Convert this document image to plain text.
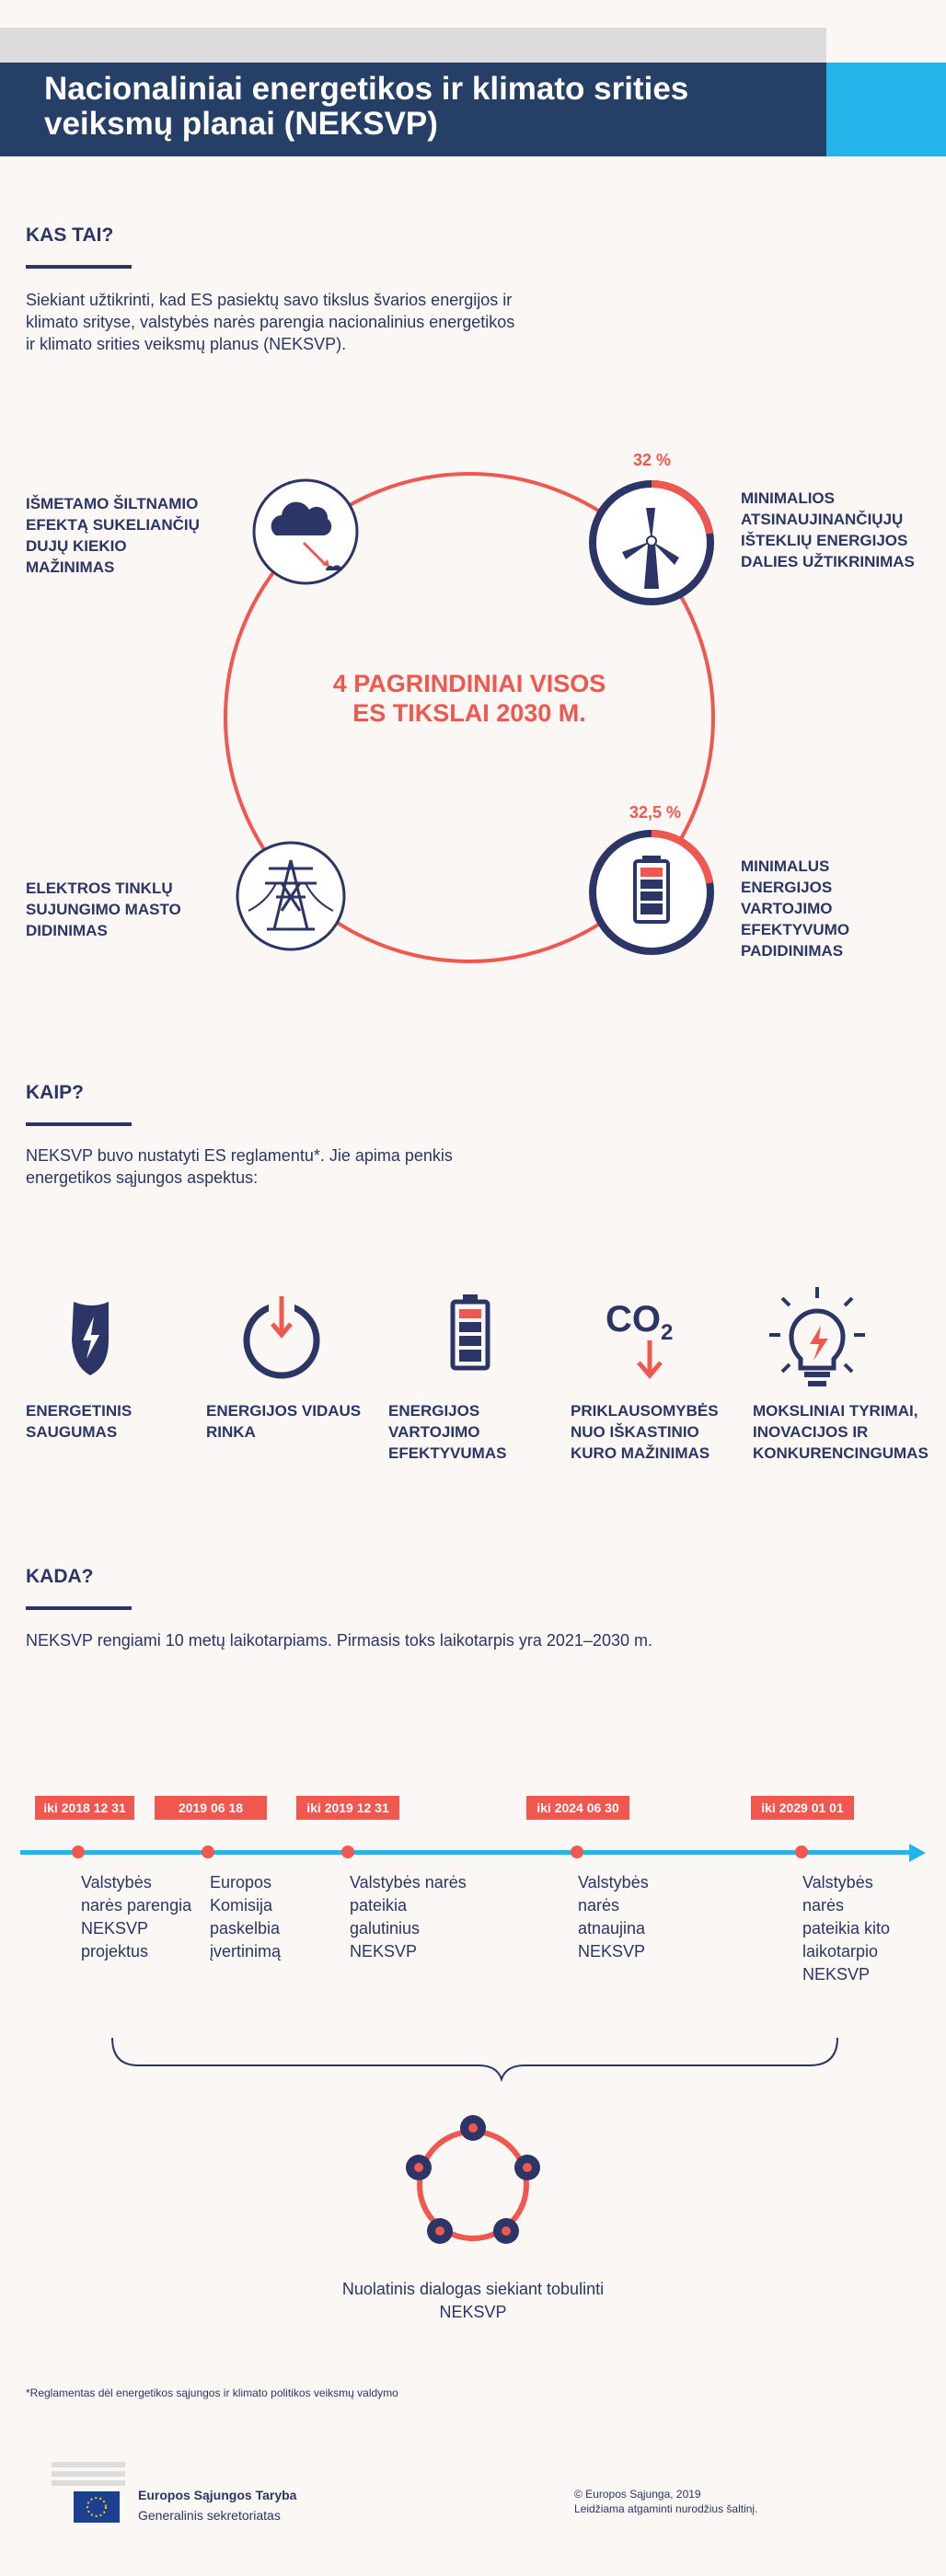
Nacionaliniai energetikos ir klimato srities veiksmų planai (NEKSVP)
KAS TAI?
Siekiant užtikrinti, kad ES pasiektų savo tikslus švarios energijos ir klimato srityse, valstybės narės parengia nacionalinius energetikos ir klimato srities veiksmų planus (NEKSVP).
4 PAGRINDINIAI VISOS ES TIKSLAI 2030 M.
IŠMETAMO ŠILTNAMIO EFEKTĄ SUKELIANČIŲ DUJŲ KIEKIO MAŽINIMAS
32 %
MINIMALIOS ATSINAUJINANČIŲJŲ IŠTEKLIŲ ENERGIJOS DALIES UŽTIKRINIMAS
ELEKTROS TINKLŲ SUJUNGIMO MASTO DIDINIMAS
32,5 %
MINIMALUS ENERGIJOS VARTOJIMO EFEKTYVUMO PADIDINIMAS
KAIP?
NEKSVP buvo nustatyti ES reglamentu*. Jie apima penkis energetikos sąjungos aspektus:
$CO_2$
ENERGETINIS SAUGUMAS
ENERGIJOS VIDAUS RINKA
ENERGIJOS VARTOJIMO EFEKTYVUMAS
PRIKLAUSOMYBĖS NUO IŠKASTINIO KURO MAŽINIMAS
MOKSLINIAI TYRIMAI, INOVACIJOS IR KONKURENCINGUMAS
KADA?
NEKSVP rengiami 10 metų laikotarpiams. Pirmasis toks laikotarpis yra 2021–2030 m.
iki 2018 12 31	2019 06 18	iki 2019 12 31	iki 2024 06 30	iki 2029 01 01
Valstybės narės parengia NEKSVP projektus
Europos Komisija paskelbia įvertinimą
Valstybės narės pateikia galutinius NEKSVP
Valstybės narės atnaujina NEKSVP
Valstybės narės pateikia kito laikotarpio NEKSVP
Nuolatinis dialogas siekiant tobulinti NEKSVP
*Reglamentas dėl energetikos sąjungos ir klimato politikos veiksmų valdymo
Europos Sąjungos Taryba
Generalinis sekretoriatas
© Europos Sąjunga, 2019
Leidžiama atgaminti nurodžius šaltinį.
